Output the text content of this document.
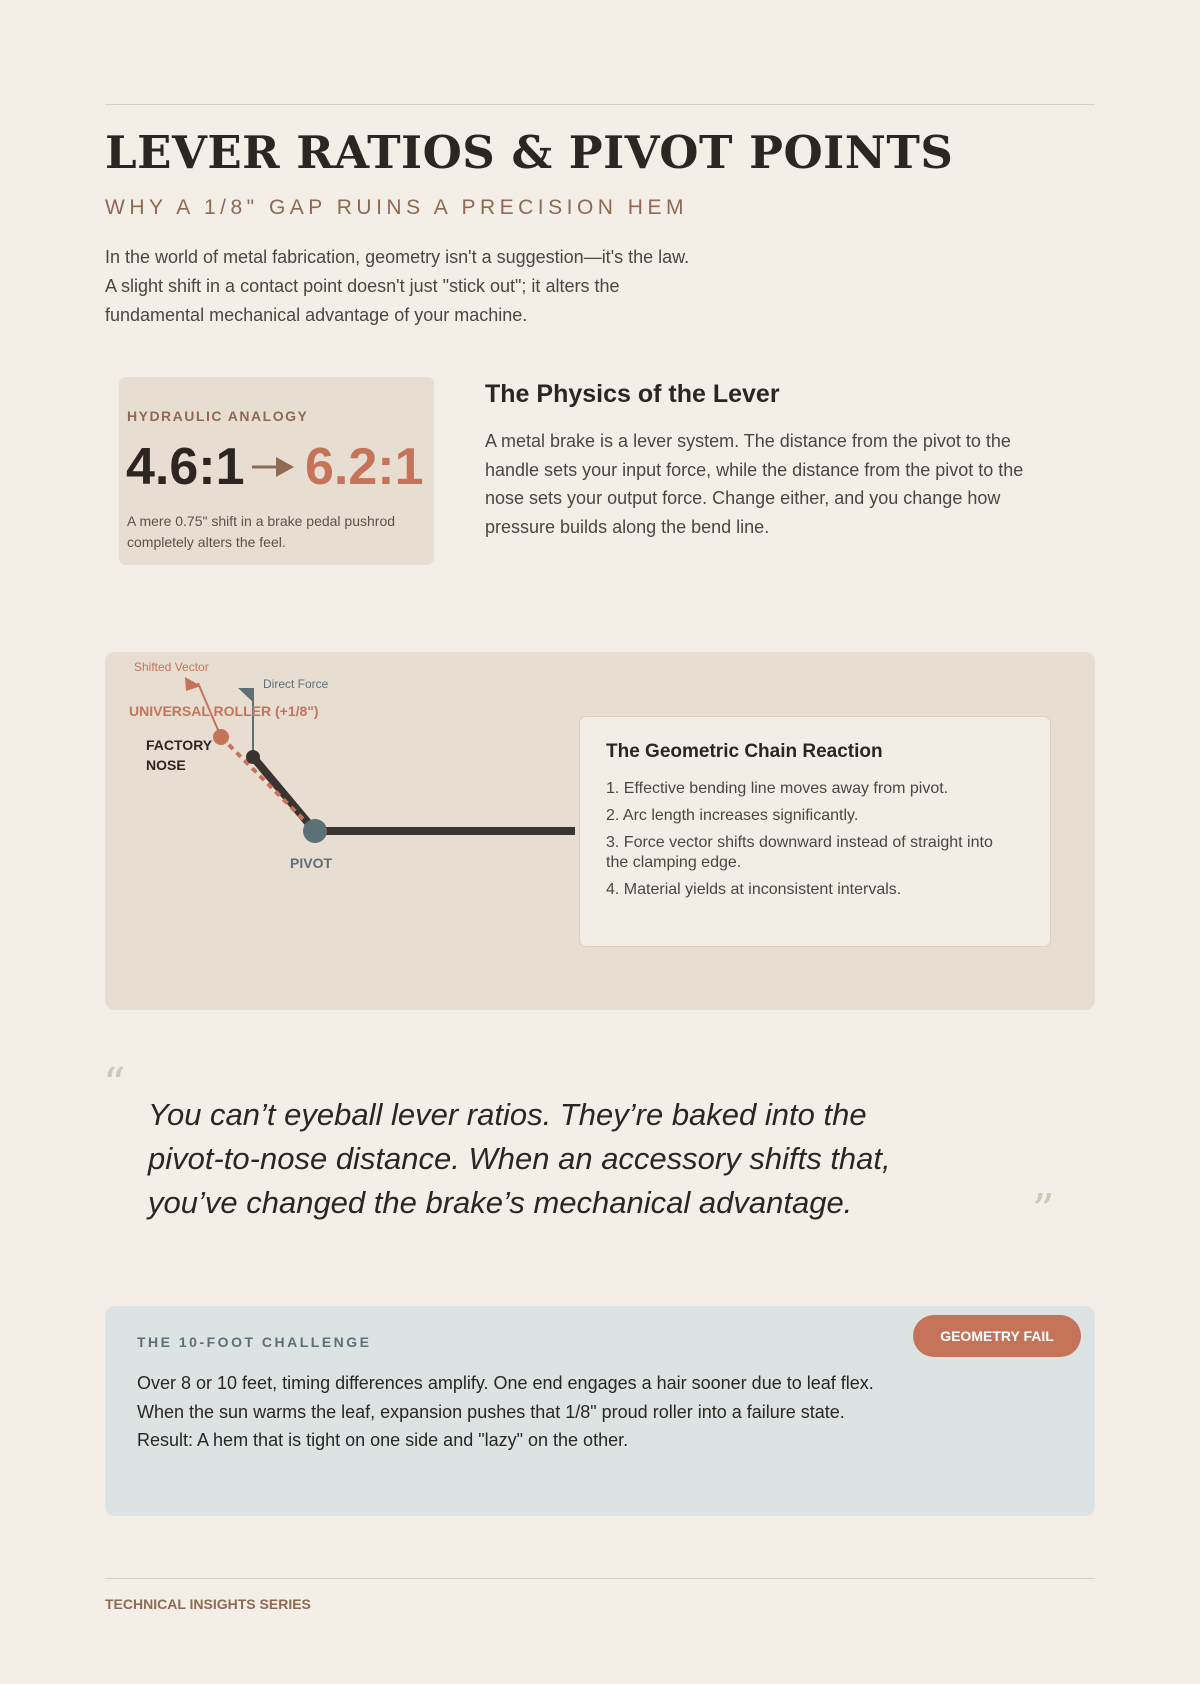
LEVER RATIOS & PIVOT POINTS
WHY A 1/8" GAP RUINS A PRECISION HEM

In the world of metal fabrication, geometry isn't a suggestion—it's the law.

A slight shift in a contact point doesn't just "stick out"; it alters the

fundamental mechanical advantage of your machine.

HYDRAULIC ANALOGY
4.6:1 6.2:1
A mere 0.75" shift in a brake pedal pushrod completely alters the feel.
The Physics of the Lever
A metal brake is a lever system. The distance from the pivot to the handle sets your input force, while the distance from the pivot to the nose sets your output force. Change either, and you change how pressure builds along the bend line.
Shifted Vector
Direct Force
UNIVERSAL ROLLER (+1/8")
FACTORY NOSE
PIVOT
The Geometric Chain Reaction
1. Effective bending line moves away from pivot.
2. Arc length increases significantly.
3. Force vector shifts downward instead of straight into the clamping edge.
4. Material yields at inconsistent intervals.
“
You can’t eyeball lever ratios. They’re baked into the pivot-to-nose distance. When an accessory shifts that, you’ve changed the brake’s mechanical advantage.	”
THE 10-FOOT CHALLENGE	GEOMETRY FAIL

Over 8 or 10 feet, timing differences amplify. One end engages a hair sooner due to leaf flex.

When the sun warms the leaf, expansion pushes that 1/8" proud roller into a failure state.

Result: A hem that is tight on one side and "lazy" on the other.

TECHNICAL INSIGHTS SERIES
